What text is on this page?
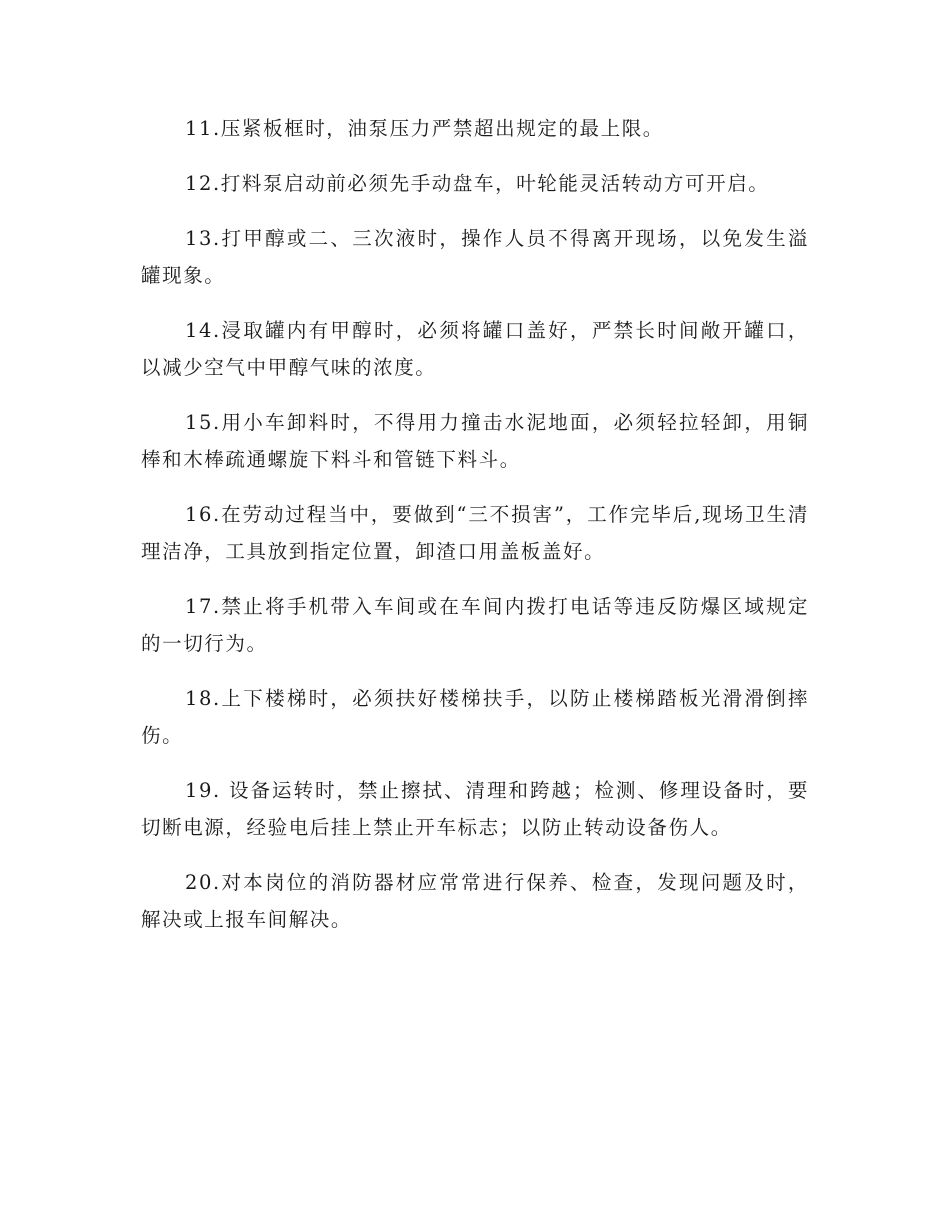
11.压紧板框时，油泵压力严禁超出规定的最上限。

12.打料泵启动前必须先手动盘车，叶轮能灵活转动方可开启。

13.打甲醇或二、三次液时，操作人员不得离开现场，以免发生溢罐现象。

14.浸取罐内有甲醇时，必须将罐口盖好，严禁长时间敞开罐口，以减少空气中甲醇气味的浓度。

15.用小车卸料时，不得用力撞击水泥地面，必须轻拉轻卸，用铜棒和木棒疏通螺旋下料斗和管链下料斗。

16.在劳动过程当中，要做到“三不损害”，工作完毕后,现场卫生清理洁净，工具放到指定位置，卸渣口用盖板盖好。

17.禁止将手机带入车间或在车间内拨打电话等违反防爆区域规定的一切行为。

18.上下楼梯时，必须扶好楼梯扶手，以防止楼梯踏板光滑滑倒摔伤。

19. 设备运转时，禁止擦拭、清理和跨越；检测、修理设备时，要切断电源，经验电后挂上禁止开车标志；以防止转动设备伤人。

20.对本岗位的消防器材应常常进行保养、检查，发现问题及时，解决或上报车间解决。
